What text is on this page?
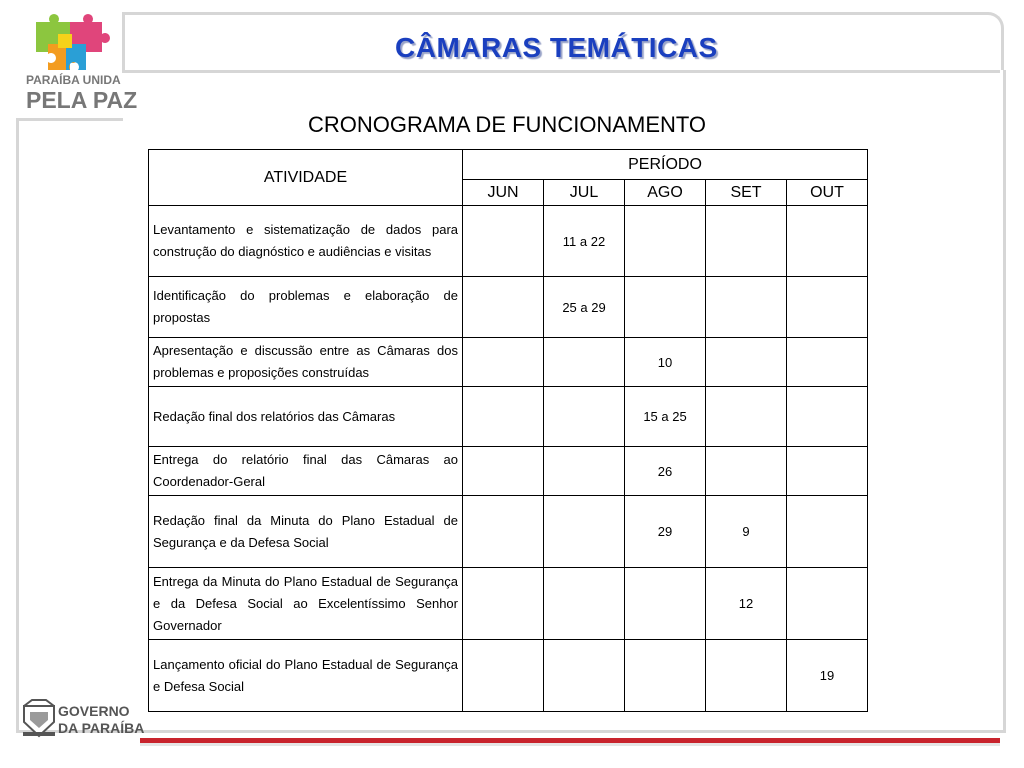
PARAÍBA UNIDA
PELA PAZ
CÂMARAS TEMÁTICAS
CRONOGRAMA DE FUNCIONAMENTO
ATIVIDADE	PERÍODO				
	JUN	JUL	AGO	SET	OUT
Levantamento e sistematização de dados para construção do diagnóstico e audiências e visitas		11 a 22			
Identificação do problemas e elaboração de propostas		25 a 29			
Apresentação e discussão entre as Câmaras dos problemas e proposições construídas			10		
Redação final dos relatórios das Câmaras			15 a 25		
Entrega do relatório final das Câmaras ao Coordenador-Geral			26		
Redação final da Minuta do Plano Estadual de Segurança e da Defesa Social			29	9	
Entrega da Minuta do Plano Estadual de Segurança e da Defesa Social ao Excelentíssimo Senhor Governador				12	
Lançamento oficial do Plano Estadual de Segurança e Defesa Social					19
GOVERNO
DA PARAÍBA
